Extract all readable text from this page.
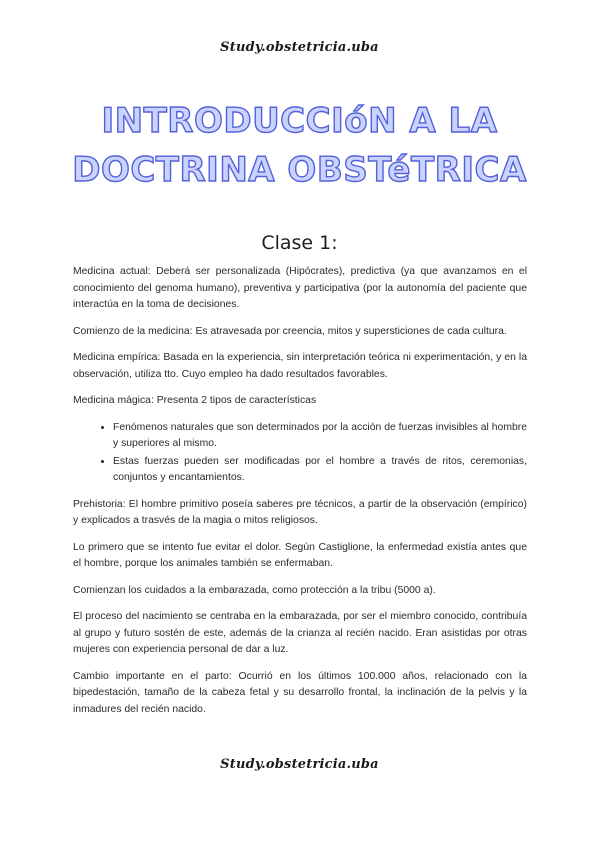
Study.obstetricia.uba
INTRODUCCIóN A LA
DOCTRINA OBSTéTRICA
Clase 1:

Medicina actual: Deberá ser personalizada (Hipócrates), predictiva (ya que avanzamos en el conocimiento del genoma humano), preventiva y participativa (por la autonomía del paciente que interactúa en la toma de decisiones.

Comienzo de la medicina: Es atravesada por creencia, mitos y supersticiones de cada cultura.

Medicina empírica: Basada en la experiencia, sin interpretación teórica ni experimentación, y en la observación, utiliza tto. Cuyo empleo ha dado resultados favorables.

Medicina mágica: Presenta 2 tipos de características

• Fenómenos naturales que son determinados por la acción de fuerzas invisibles al hombre y superiores al mismo.
• Estas fuerzas pueden ser modificadas por el hombre a través de ritos, ceremonias, conjuntos y encantamientos.

Prehistoria: El hombre primitivo poseía saberes pre técnicos, a partir de la observación (empírico) y explicados a trasvés de la magia o mitos religiosos.

Lo primero que se intento fue evitar el dolor. Según Castiglione, la enfermedad existía antes que el hombre, porque los animales también se enfermaban.

Comienzan los cuidados a la embarazada, como protección a la tribu (5000 a).

El proceso del nacimiento se centraba en la embarazada, por ser el miembro conocido, contribuía al grupo y futuro sostén de este, además de la crianza al recién nacido. Eran asistidas por otras mujeres con experiencia personal de dar a luz.

Cambio importante en el parto: Ocurrió en los últimos 100.000 años, relacionado con la bipedestación, tamaño de la cabeza fetal y su desarrollo frontal, la inclinación de la pelvis y la inmadures del recién nacido.

Study.obstetricia.uba
